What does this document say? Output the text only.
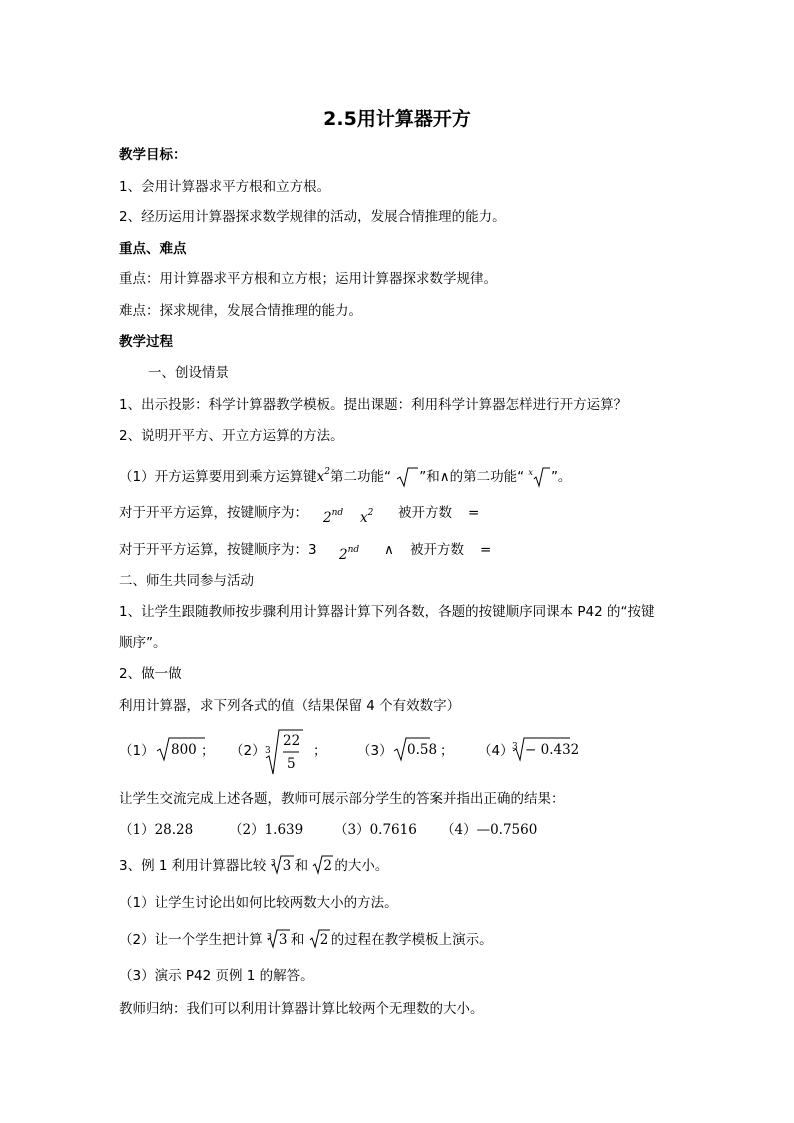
2.5用计算器开方
教学目标：
1、会用计算器求平方根和立方根。
2、经历运用计算器探求数学规律的活动，发展合情推理的能力。
重点、难点
重点：用计算器求平方根和立方根；运用计算器探求数学规律。
难点：探求规律，发展合情推理的能力。
教学过程
一、创设情景
1、出示投影：科学计算器教学模板。提出课题：利用科学计算器怎样进行开方运算？
2、说明开平方、开立方运算的方法。
（1）开方运算要用到乘方运算键$x^2$第二功能“ ”和∧的第二功能“ $^x$ ”。
对于开平方运算，按键顺序为： 2nd $x^2$ 被开方数 =
对于开平方运算，按键顺序为：3 2nd ∧ 被开方数 =
二、师生共同参与活动
1、让学生跟随教师按步骤利用计算器计算下列各数，各题的按键顺序同课本 P42 的“按键
顺序”。
2、做一做
利用计算器，求下列各式的值（结果保留 4 个有效数字）
（1） 800 ； （2） 3
22
5
； （3） 0.58 ； （4）
3 − 0.432
让学生交流完成上述各题，教师可展示部分学生的答案并指出正确的结果：
（1）28.28	（2）1.639 （3）0.7616 （4）—0.7560
3、例 1 利用计算器比较 3 3 和 2 的大小。
（1）让学生讨论出如何比较两数大小的方法。
（2）让一个学生把计算 3 3 和 2 的过程在教学模板上演示。
（3）演示 P42 页例 1 的解答。
教师归纳：我们可以利用计算器计算比较两个无理数的大小。
